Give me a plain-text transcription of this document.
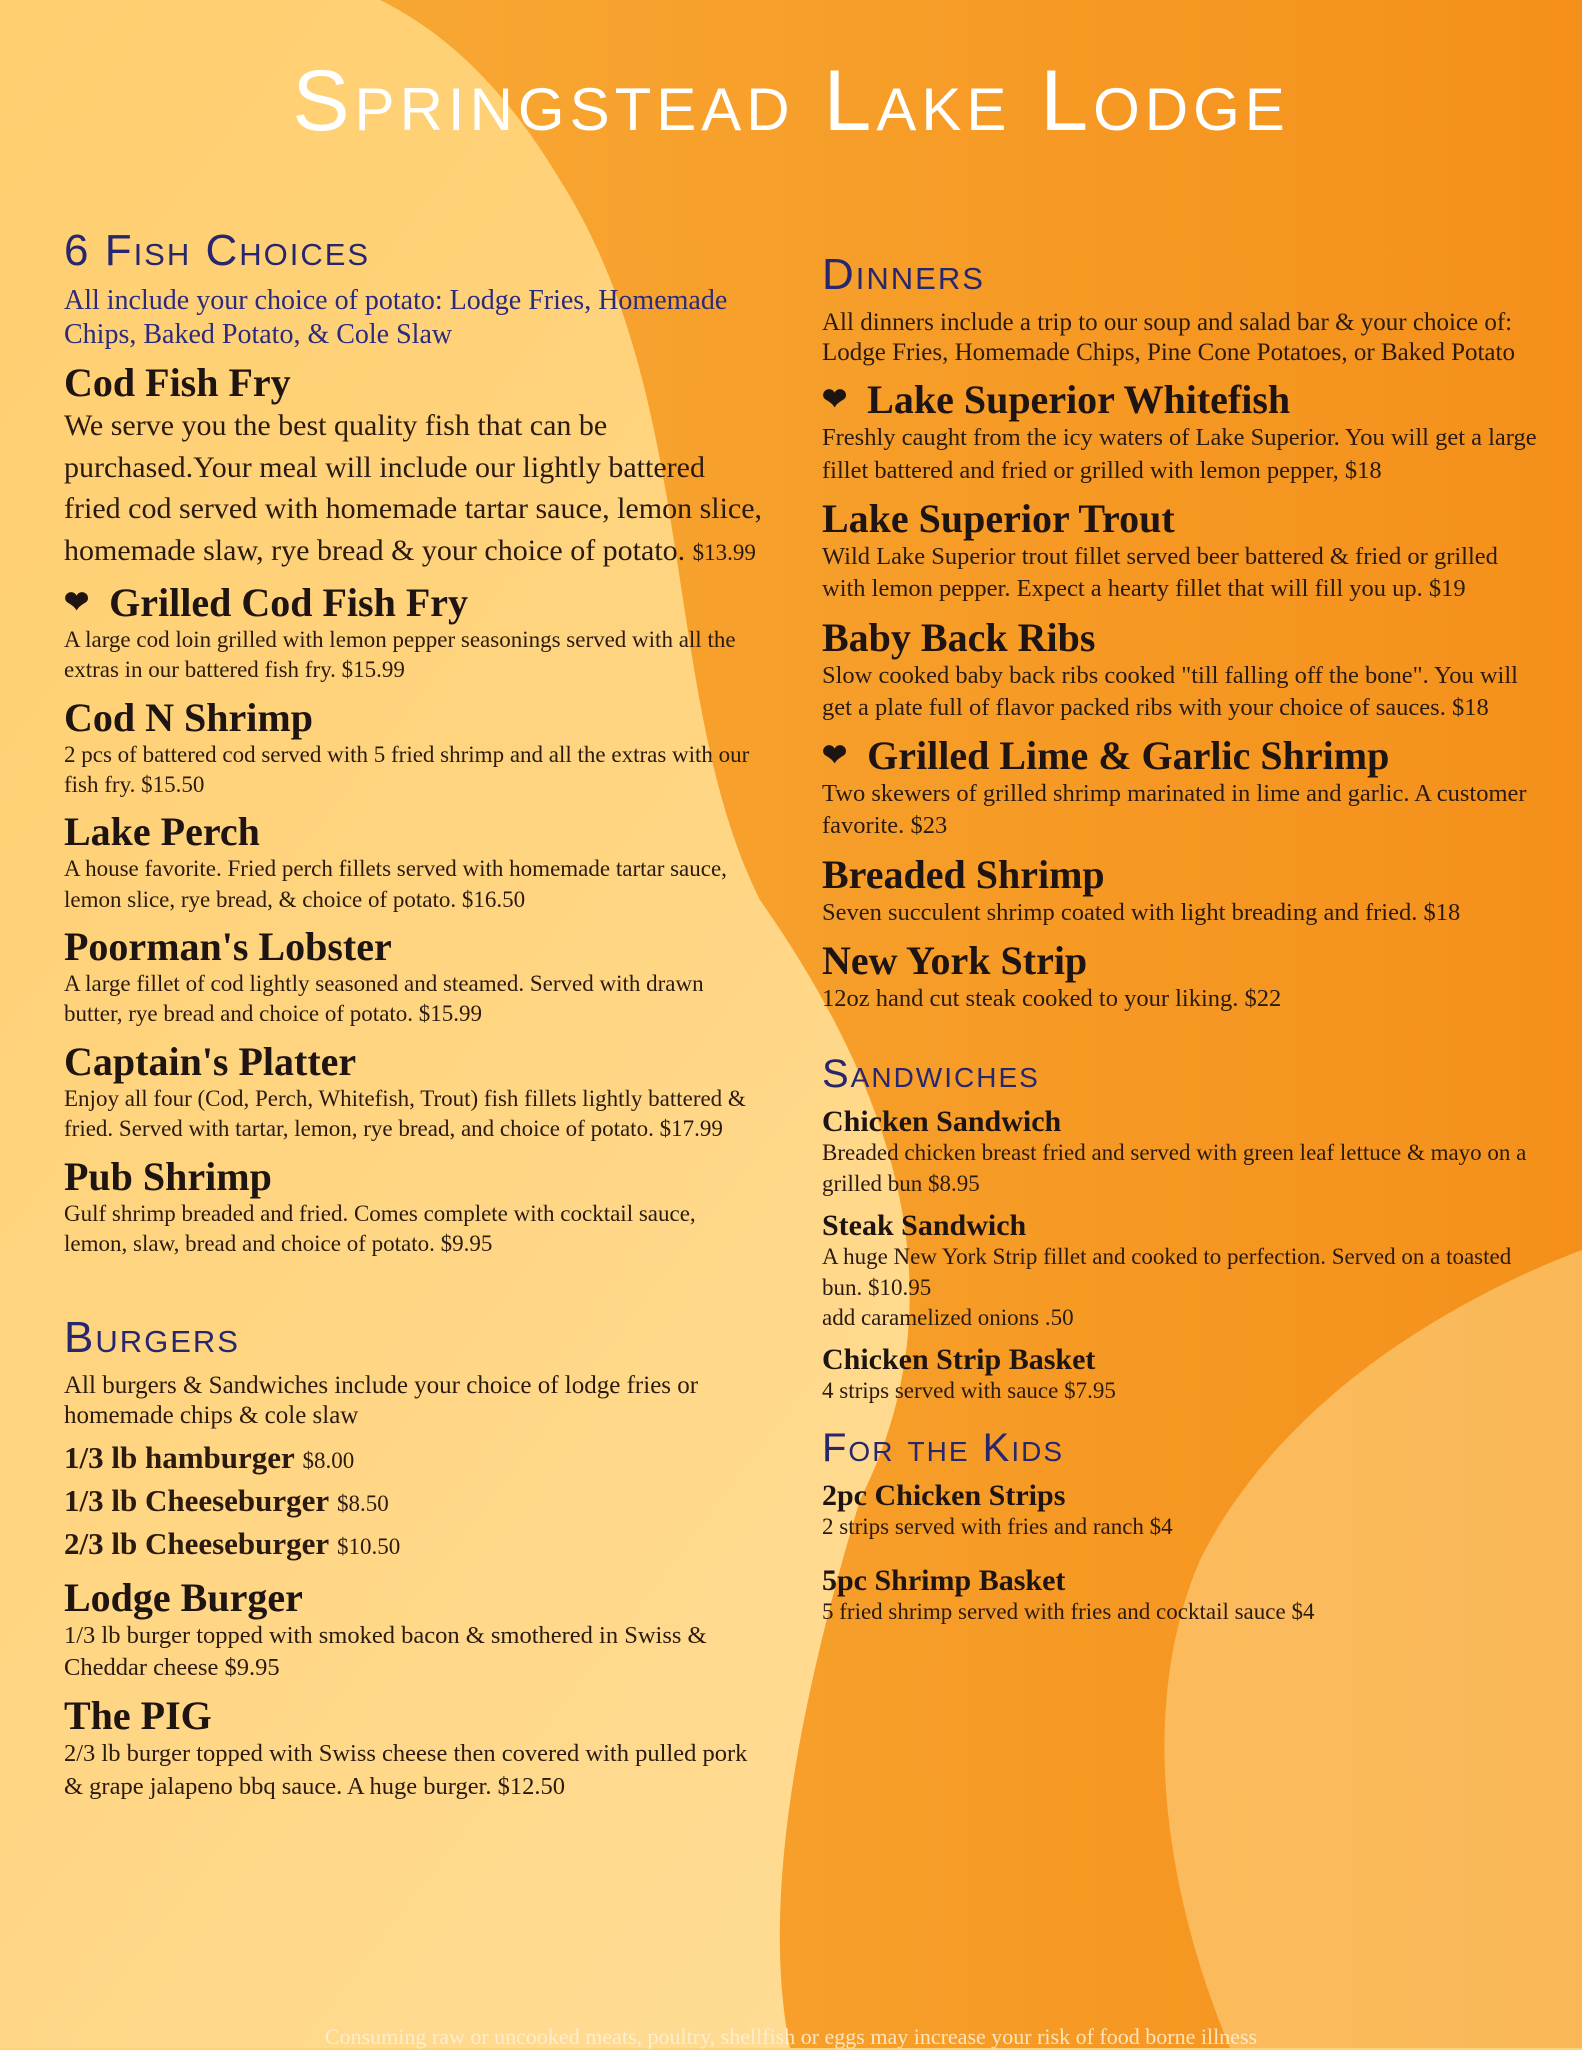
Springstead Lake Lodge
6 Fish Choices
All include your choice of potato: Lodge Fries, Homemade Chips, Baked Potato, & Cole Slaw
Cod Fish Fry
We serve you the best quality fish that can be purchased.Your meal will include our lightly battered fried cod served with homemade tartar sauce, lemon slice, homemade slaw, rye bread & your choice of potato. $13.99
❤ Grilled Cod Fish Fry
A large cod loin grilled with lemon pepper seasonings served with all the extras in our battered fish fry. $15.99
Cod N Shrimp
2 pcs of battered cod served with 5 fried shrimp and all the extras with our fish fry. $15.50
Lake Perch
A house favorite. Fried perch fillets served with homemade tartar sauce, lemon slice, rye bread, & choice of potato. $16.50
Poorman's Lobster
A large fillet of cod lightly seasoned and steamed. Served with drawn butter, rye bread and choice of potato. $15.99
Captain's Platter
Enjoy all four (Cod, Perch, Whitefish, Trout) fish fillets lightly battered & fried. Served with tartar, lemon, rye bread, and choice of potato. $17.99
Pub Shrimp
Gulf shrimp breaded and fried. Comes complete with cocktail sauce, lemon, slaw, bread and choice of potato. $9.95
Burgers
All burgers & Sandwiches include your choice of lodge fries or homemade chips & cole slaw
1/3 lb hamburger $8.00
1/3 lb Cheeseburger $8.50
2/3 lb Cheeseburger $10.50
Lodge Burger
1/3 lb burger topped with smoked bacon & smothered in Swiss & Cheddar cheese $9.95
The PIG
2/3 lb burger topped with Swiss cheese then covered with pulled pork & grape jalapeno bbq sauce. A huge burger. $12.50
Dinners
All dinners include a trip to our soup and salad bar & your choice of: Lodge Fries, Homemade Chips, Pine Cone Potatoes, or Baked Potato
❤ Lake Superior Whitefish
Freshly caught from the icy waters of Lake Superior. You will get a large fillet battered and fried or grilled with lemon pepper, $18
Lake Superior Trout
Wild Lake Superior trout fillet served beer battered & fried or grilled with lemon pepper. Expect a hearty fillet that will fill you up. $19
Baby Back Ribs
Slow cooked baby back ribs cooked "till falling off the bone". You will get a plate full of flavor packed ribs with your choice of sauces. $18
❤ Grilled Lime & Garlic Shrimp
Two skewers of grilled shrimp marinated in lime and garlic. A customer favorite. $23
Breaded Shrimp
Seven succulent shrimp coated with light breading and fried. $18
New York Strip
12oz hand cut steak cooked to your liking. $22
Sandwiches
Chicken Sandwich
Breaded chicken breast fried and served with green leaf lettuce & mayo on a grilled bun $8.95
Steak Sandwich
A huge New York Strip fillet and cooked to perfection. Served on a toasted bun. $10.95
add caramelized onions .50
Chicken Strip Basket
4 strips served with sauce $7.95
For the Kids
2pc Chicken Strips
2 strips served with fries and ranch $4
5pc Shrimp Basket
5 fried shrimp served with fries and cocktail sauce $4
Consuming raw or uncooked meats, poultry, shellfish or eggs may increase your risk of food borne illness
